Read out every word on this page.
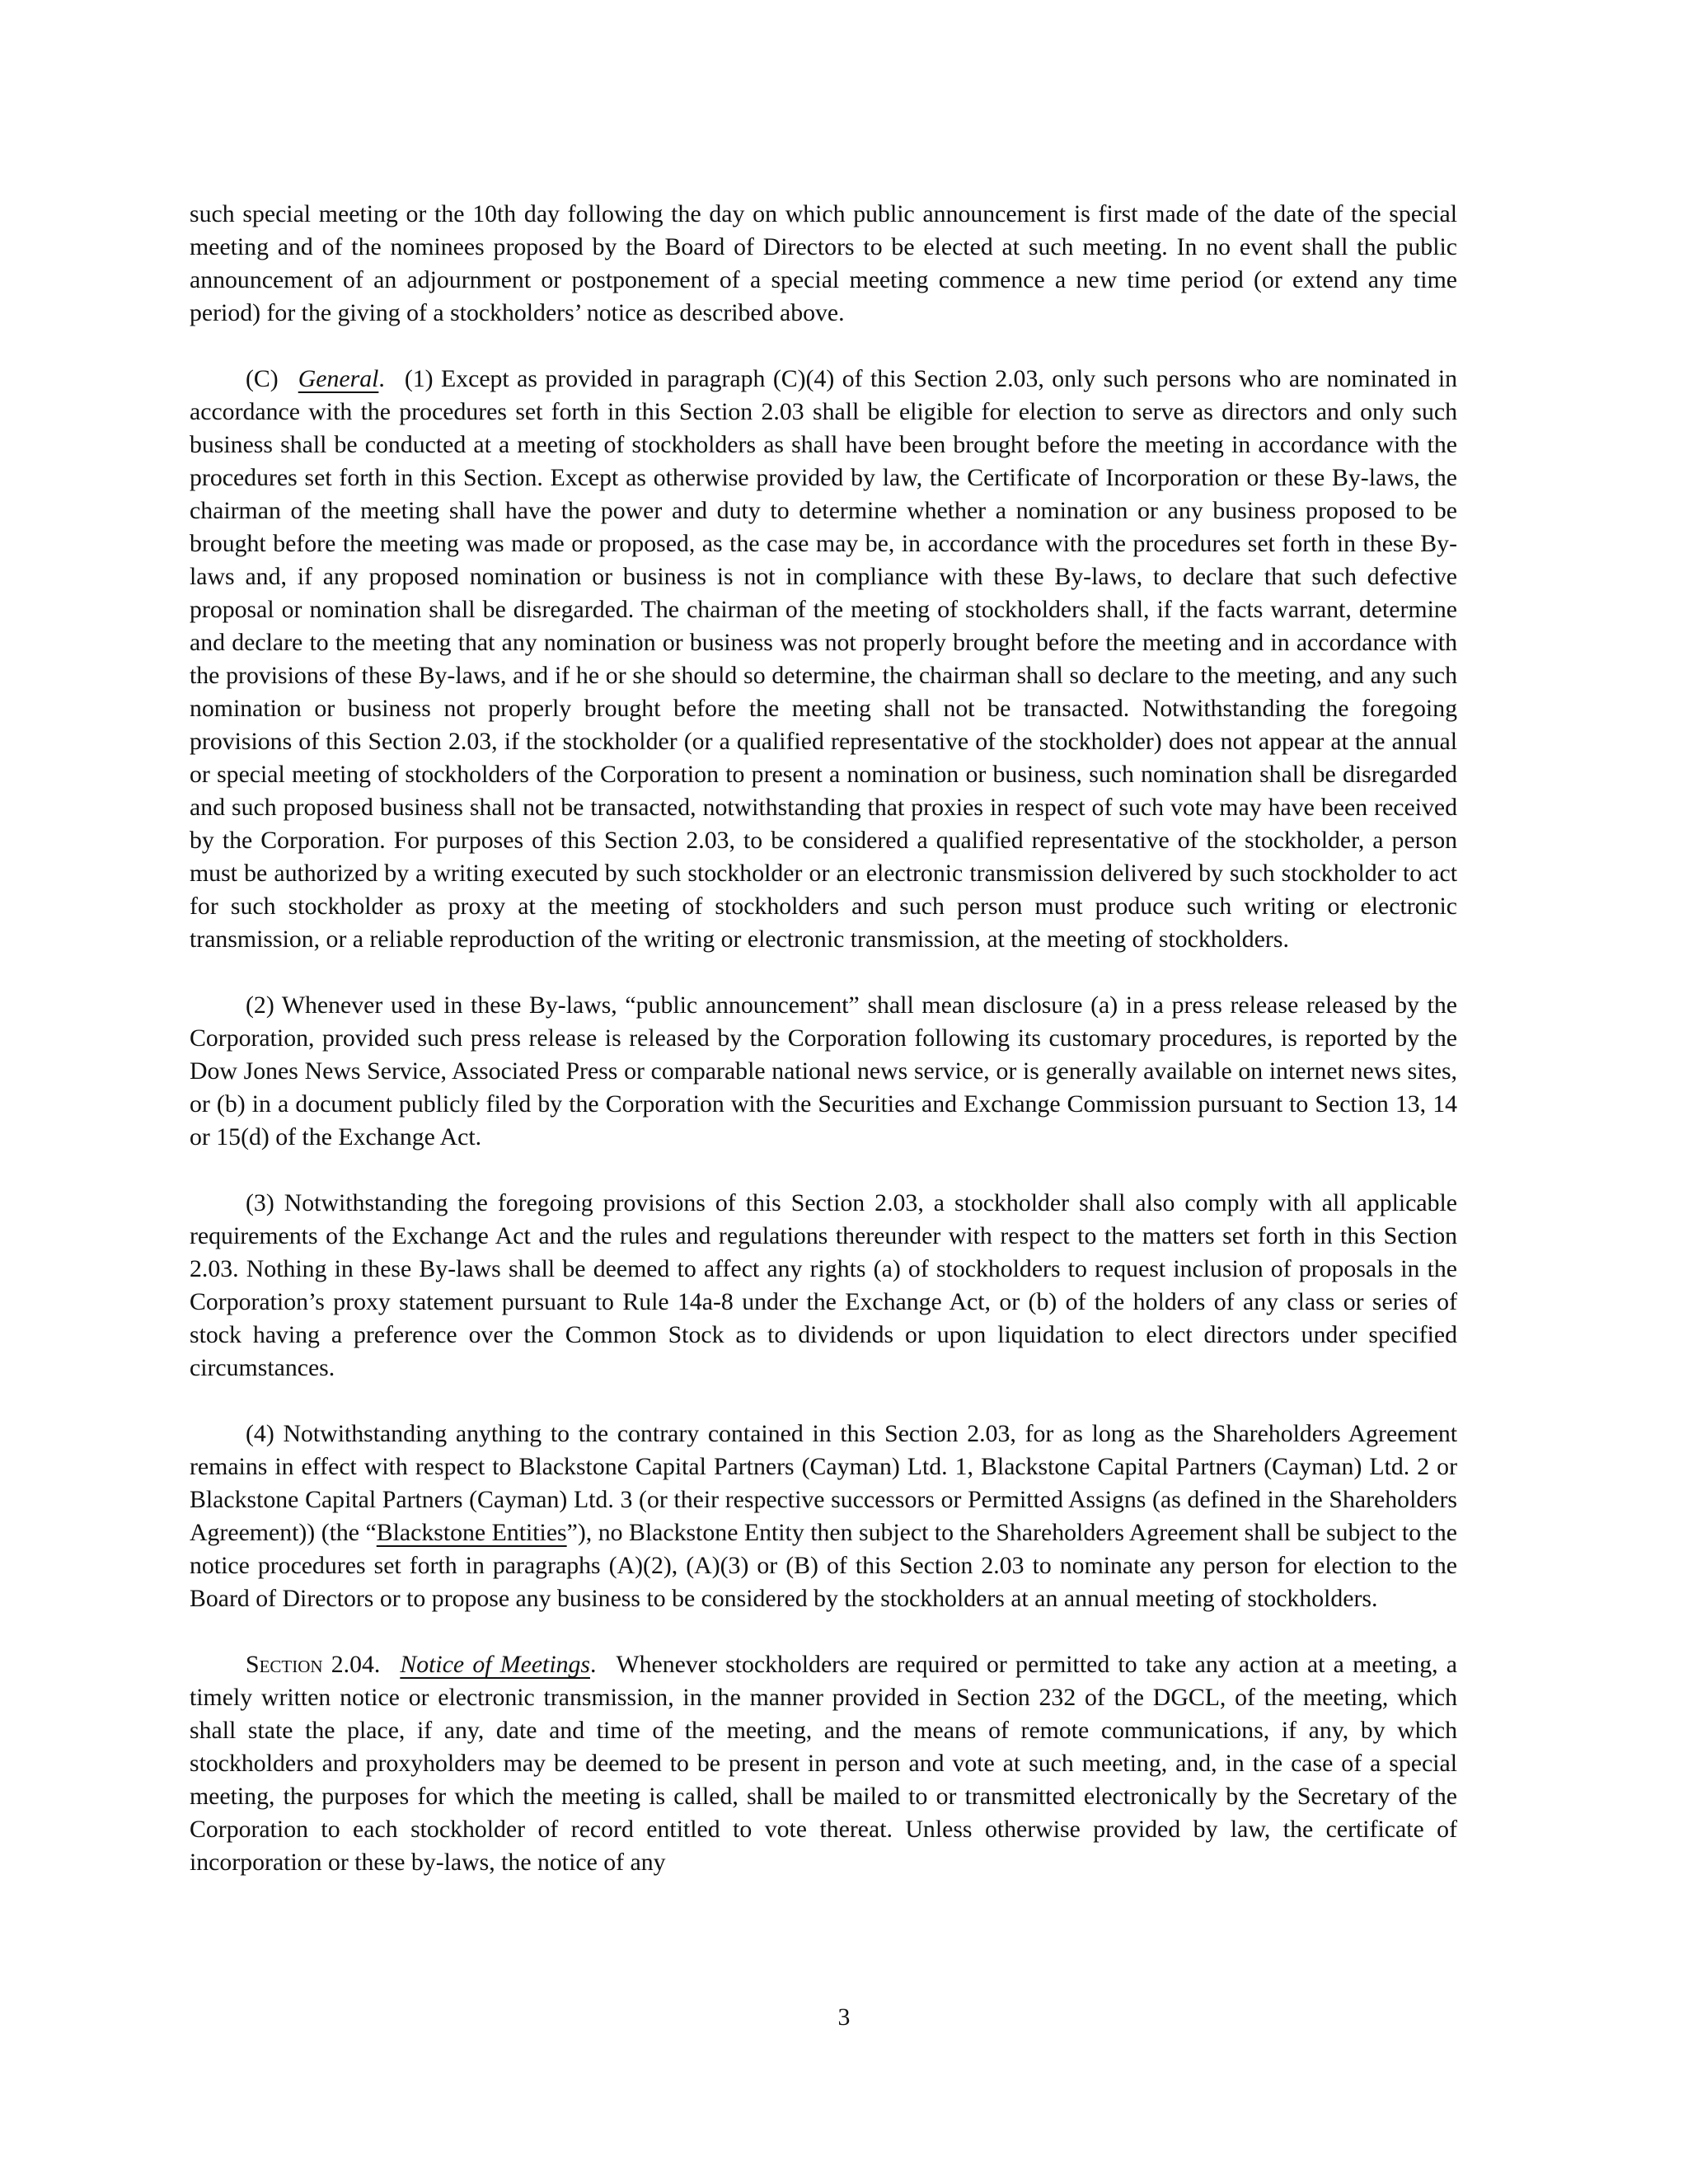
such special meeting or the 10th day following the day on which public announcement is first made of the date of the special meeting and of the nominees proposed by the Board of Directors to be elected at such meeting. In no event shall the public announcement of an adjournment or postponement of a special meeting commence a new time period (or extend any time period) for the giving of a stockholders’ notice as described above.

(C) General. (1) Except as provided in paragraph (C)(4) of this Section 2.03, only such persons who are nominated in accordance with the procedures set forth in this Section 2.03 shall be eligible for election to serve as directors and only such business shall be conducted at a meeting of stockholders as shall have been brought before the meeting in accordance with the procedures set forth in this Section. Except as otherwise provided by law, the Certificate of Incorporation or these By-laws, the chairman of the meeting shall have the power and duty to determine whether a nomination or any business proposed to be brought before the meeting was made or proposed, as the case may be, in accordance with the procedures set forth in these By-laws and, if any proposed nomination or business is not in compliance with these By-laws, to declare that such defective proposal or nomination shall be disregarded. The chairman of the meeting of stockholders shall, if the facts warrant, determine and declare to the meeting that any nomination or business was not properly brought before the meeting and in accordance with the provisions of these By-laws, and if he or she should so determine, the chairman shall so declare to the meeting, and any such nomination or business not properly brought before the meeting shall not be transacted. Notwithstanding the foregoing provisions of this Section 2.03, if the stockholder (or a qualified representative of the stockholder) does not appear at the annual or special meeting of stockholders of the Corporation to present a nomination or business, such nomination shall be disregarded and such proposed business shall not be transacted, notwithstanding that proxies in respect of such vote may have been received by the Corporation. For purposes of this Section 2.03, to be considered a qualified representative of the stockholder, a person must be authorized by a writing executed by such stockholder or an electronic transmission delivered by such stockholder to act for such stockholder as proxy at the meeting of stockholders and such person must produce such writing or electronic transmission, or a reliable reproduction of the writing or electronic transmission, at the meeting of stockholders.

(2) Whenever used in these By-laws, “public announcement” shall mean disclosure (a) in a press release released by the Corporation, provided such press release is released by the Corporation following its customary procedures, is reported by the Dow Jones News Service, Associated Press or comparable national news service, or is generally available on internet news sites, or (b) in a document publicly filed by the Corporation with the Securities and Exchange Commission pursuant to Section 13, 14 or 15(d) of the Exchange Act.

(3) Notwithstanding the foregoing provisions of this Section 2.03, a stockholder shall also comply with all applicable requirements of the Exchange Act and the rules and regulations thereunder with respect to the matters set forth in this Section 2.03. Nothing in these By-laws shall be deemed to affect any rights (a) of stockholders to request inclusion of proposals in the Corporation’s proxy statement pursuant to Rule 14a-8 under the Exchange Act, or (b) of the holders of any class or series of stock having a preference over the Common Stock as to dividends or upon liquidation to elect directors under specified circumstances.

(4) Notwithstanding anything to the contrary contained in this Section 2.03, for as long as the Shareholders Agreement remains in effect with respect to Blackstone Capital Partners (Cayman) Ltd. 1, Blackstone Capital Partners (Cayman) Ltd. 2 or Blackstone Capital Partners (Cayman) Ltd. 3 (or their respective successors or Permitted Assigns (as defined in the Shareholders Agreement)) (the “Blackstone Entities”), no Blackstone Entity then subject to the Shareholders Agreement shall be subject to the notice procedures set forth in paragraphs (A)(2), (A)(3) or (B) of this Section 2.03 to nominate any person for election to the Board of Directors or to propose any business to be considered by the stockholders at an annual meeting of stockholders.

Section 2.04. Notice of Meetings. Whenever stockholders are required or permitted to take any action at a meeting, a timely written notice or electronic transmission, in the manner provided in Section 232 of the DGCL, of the meeting, which shall state the place, if any, date and time of the meeting, and the means of remote communications, if any, by which stockholders and proxyholders may be deemed to be present in person and vote at such meeting, and, in the case of a special meeting, the purposes for which the meeting is called, shall be mailed to or transmitted electronically by the Secretary of the Corporation to each stockholder of record entitled to vote thereat. Unless otherwise provided by law, the certificate of incorporation or these by-laws, the notice of any

3
